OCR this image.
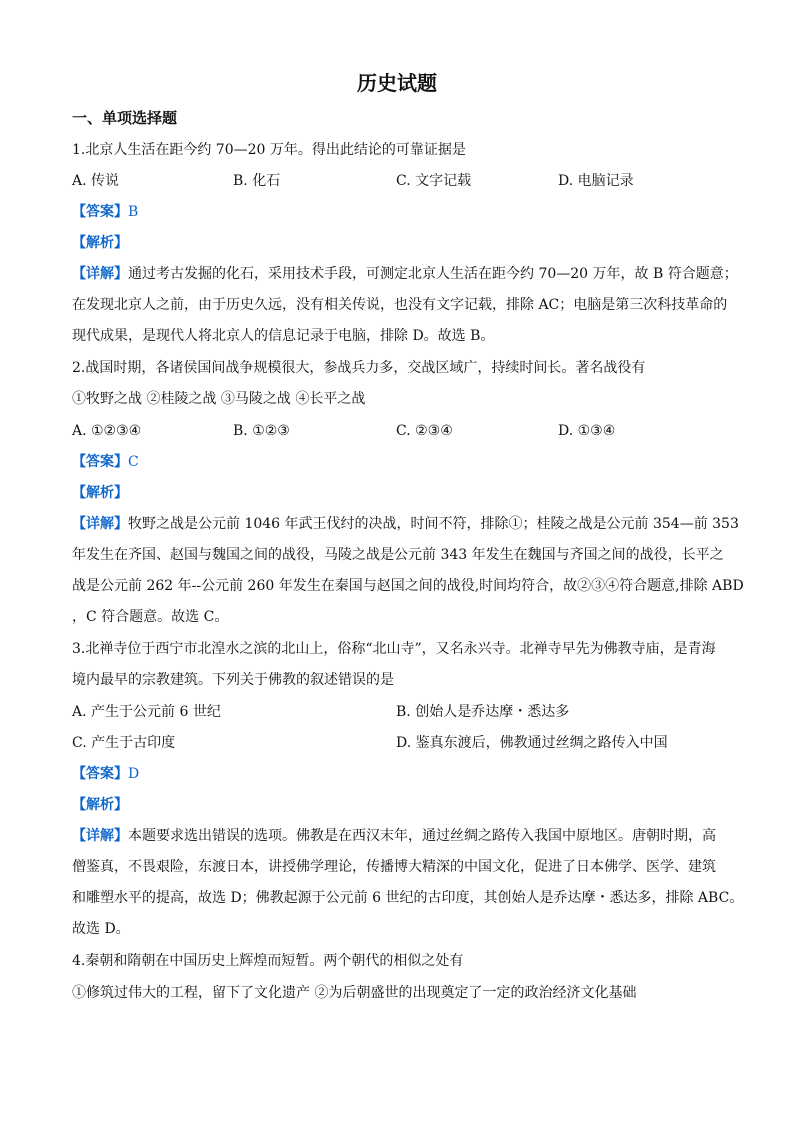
历史试题
一、单项选择题
1.北京人生活在距今约 70—20 万年。得出此结论的可靠证据是
A. 传说	B. 化石	C. 文字记载	D. 电脑记录
【答案】B
【解析】
【详解】通过考古发掘的化石，采用技术手段，可测定北京人生活在距今约 70—20 万年，故 B 符合题意；
在发现北京人之前，由于历史久远，没有相关传说，也没有文字记载，排除 AC；电脑是第三次科技革命的
现代成果，是现代人将北京人的信息记录于电脑，排除 D。故选 B。
2.战国时期，各诸侯国间战争规模很大，参战兵力多，交战区域广，持续时间长。著名战役有
①牧野之战 ②桂陵之战 ③马陵之战 ④长平之战
A. ①②③④	B. ①②③	C. ②③④	D. ①③④
【答案】C
【解析】
【详解】牧野之战是公元前 1046 年武王伐纣的决战，时间不符，排除①；桂陵之战是公元前 354—前 353
年发生在齐国、赵国与魏国之间的战役，马陵之战是公元前 343 年发生在魏国与齐国之间的战役，长平之
战是公元前 262 年--公元前 260 年发生在秦国与赵国之间的战役,时间均符合，故②③④符合题意,排除 ABD
，C 符合题意。故选 C。
3.北禅寺位于西宁市北湟水之滨的北山上，俗称“北山寺”，又名永兴寺。北禅寺早先为佛教寺庙，是青海
境内最早的宗教建筑。下列关于佛教的叙述错误的是
A. 产生于公元前 6 世纪	B. 创始人是乔达摩・悉达多
C. 产生于古印度	D. 鉴真东渡后，佛教通过丝绸之路传入中国
【答案】D
【解析】
【详解】本题要求选出错误的选项。佛教是在西汉末年，通过丝绸之路传入我国中原地区。唐朝时期，高
僧鉴真，不畏艰险，东渡日本，讲授佛学理论，传播博大精深的中国文化，促进了日本佛学、医学、建筑
和雕塑水平的提高，故选 D；佛教起源于公元前 6 世纪的古印度，其创始人是乔达摩・悉达多，排除 ABC。
故选 D。
4.秦朝和隋朝在中国历史上辉煌而短暂。两个朝代的相似之处有
①修筑过伟大的工程，留下了文化遗产 ②为后朝盛世的出现奠定了一定的政治经济文化基础
